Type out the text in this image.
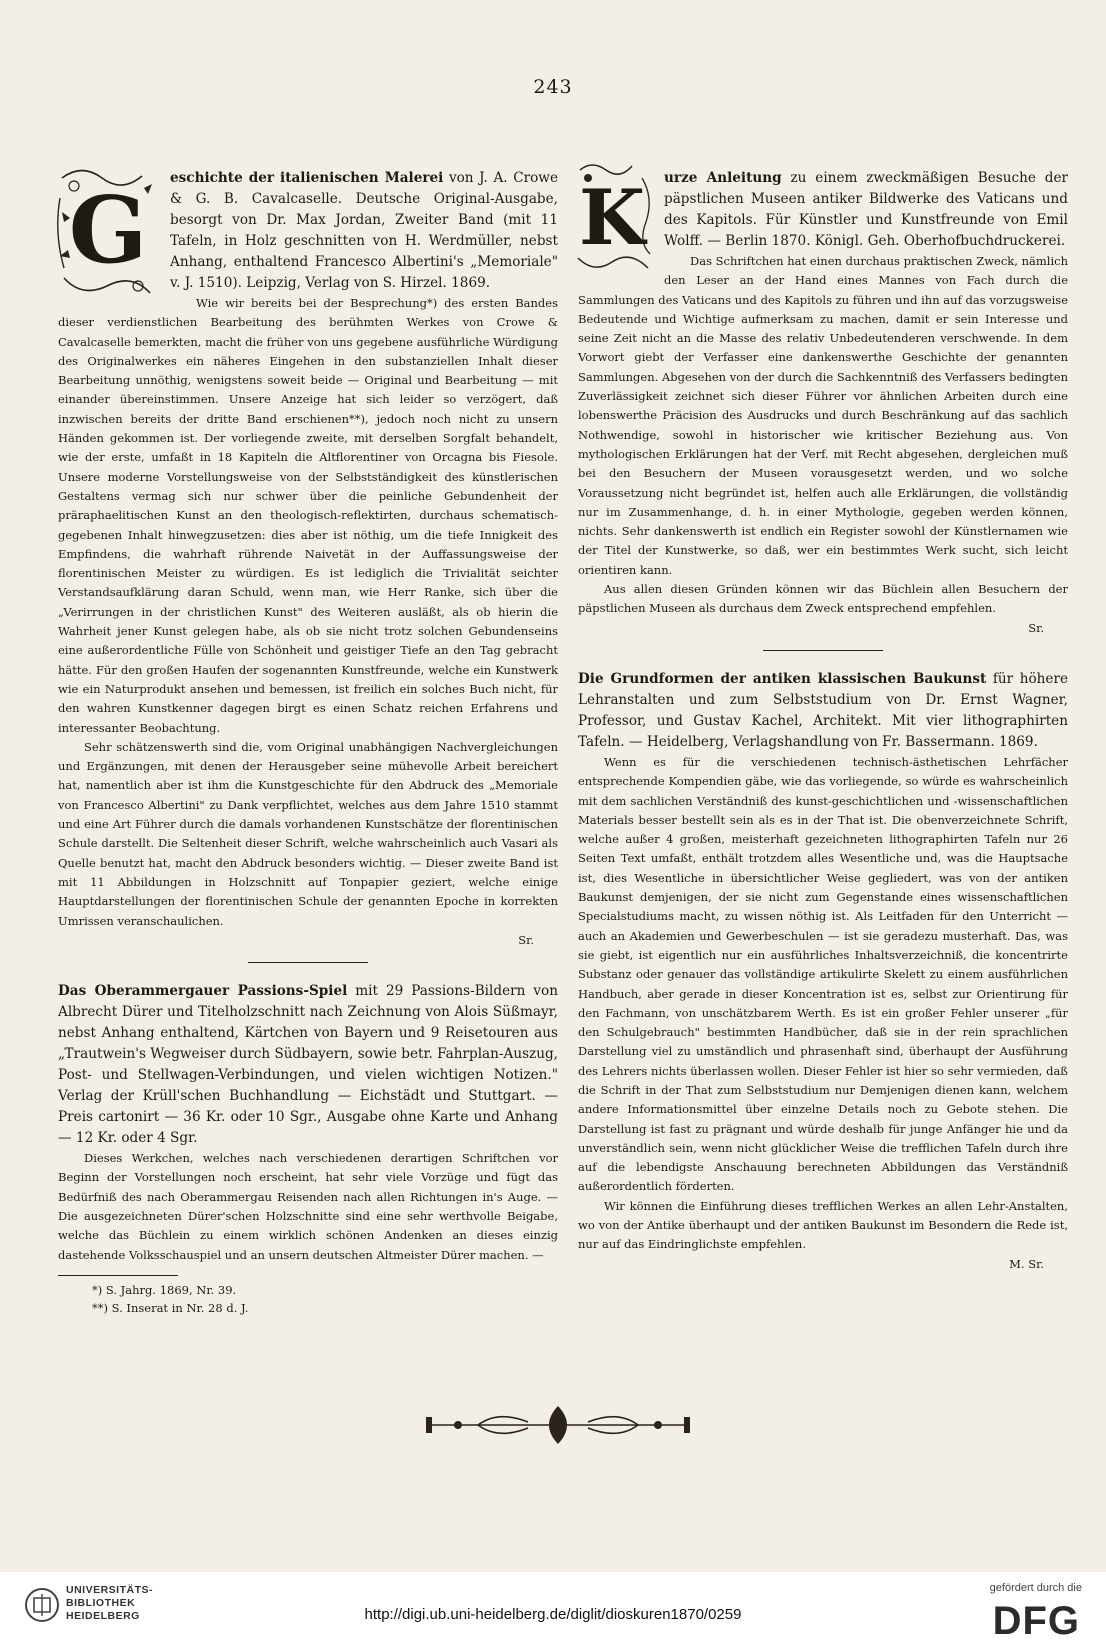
243
G	eschichte der italienischen Malerei von J. A. Crowe & G. B. Cavalcaselle. Deutsche Original-Ausgabe, besorgt von Dr. Max Jordan, Zweiter Band (mit 11 Tafeln, in Holz geschnitten von H. Werdmüller, nebst Anhang, enthaltend Francesco Albertini's „Memoriale" v. J. 1510). Leipzig, Verlag von S. Hirzel. 1869.

Wie wir bereits bei der Besprechung*) des ersten Bandes dieser verdienstlichen Bearbeitung des berühmten Werkes von Crowe & Cavalcaselle bemerkten, macht die früher von uns gegebene ausführliche Würdigung des Originalwerkes ein näheres Eingehen in den substanziellen Inhalt dieser Bearbeitung unnöthig, wenigstens soweit beide — Original und Bearbeitung — mit einander übereinstimmen. Unsere Anzeige hat sich leider so verzögert, daß inzwischen bereits der dritte Band erschienen**), jedoch noch nicht zu unsern Händen gekommen ist. Der vorliegende zweite, mit derselben Sorgfalt behandelt, wie der erste, umfaßt in 18 Kapiteln die Altflorentiner von Orcagna bis Fiesole. Unsere moderne Vorstellungsweise von der Selbstständigkeit des künstlerischen Gestaltens vermag sich nur schwer über die peinliche Gebundenheit der präraphaelitischen Kunst an den theologisch-reflektirten, durchaus schematisch-gegebenen Inhalt hinwegzusetzen: dies aber ist nöthig, um die tiefe Innigkeit des Empfindens, die wahrhaft rührende Naivetät in der Auffassungsweise der florentinischen Meister zu würdigen. Es ist lediglich die Trivialität seichter Verstandsaufklärung daran Schuld, wenn man, wie Herr Ranke, sich über die „Verirrungen in der christlichen Kunst" des Weiteren ausläßt, als ob hierin die Wahrheit jener Kunst gelegen habe, als ob sie nicht trotz solchen Gebundenseins eine außerordentliche Fülle von Schönheit und geistiger Tiefe an den Tag gebracht hätte. Für den großen Haufen der sogenannten Kunstfreunde, welche ein Kunstwerk wie ein Naturprodukt ansehen und bemessen, ist freilich ein solches Buch nicht, für den wahren Kunstkenner dagegen birgt es einen Schatz reichen Erfahrens und interessanter Beobachtung.

Sehr schätzenswerth sind die, vom Original unabhängigen Nachvergleichungen und Ergänzungen, mit denen der Herausgeber seine mühevolle Arbeit bereichert hat, namentlich aber ist ihm die Kunstgeschichte für den Abdruck des „Memoriale von Francesco Albertini" zu Dank verpflichtet, welches aus dem Jahre 1510 stammt und eine Art Führer durch die damals vorhandenen Kunstschätze der florentinischen Schule darstellt. Die Seltenheit dieser Schrift, welche wahrscheinlich auch Vasari als Quelle benutzt hat, macht den Abdruck besonders wichtig. — Dieser zweite Band ist mit 11 Abbildungen in Holzschnitt auf Tonpapier geziert, welche einige Hauptdarstellungen der florentinischen Schule der genannten Epoche in korrekten Umrissen veranschaulichen.

Sr.

Das Oberammergauer Passions-Spiel mit 29 Passions-Bildern von Albrecht Dürer und Titelholzschnitt nach Zeichnung von Alois Süßmayr, nebst Anhang enthaltend, Kärtchen von Bayern und 9 Reisetouren aus „Trautwein's Wegweiser durch Südbayern, sowie betr. Fahrplan-Auszug, Post- und Stellwagen-Verbindungen, und vielen wichtigen Notizen." Verlag der Krüll'schen Buchhandlung — Eichstädt und Stuttgart. — Preis cartonirt — 36 Kr. oder 10 Sgr., Ausgabe ohne Karte und Anhang — 12 Kr. oder 4 Sgr.

Dieses Werkchen, welches nach verschiedenen derartigen Schriftchen vor Beginn der Vorstellungen noch erscheint, hat sehr viele Vorzüge und fügt das Bedürfniß des nach Oberammergau Reisenden nach allen Richtungen in's Auge. — Die ausgezeichneten Dürer'schen Holzschnitte sind eine sehr werthvolle Beigabe, welche das Büchlein zu einem wirklich schönen Andenken an dieses einzig dastehende Volksschauspiel und an unsern deutschen Altmeister Dürer machen. —

*) S. Jahrg. 1869, Nr. 39.

**) S. Inserat in Nr. 28 d. J.

K	urze Anleitung zu einem zweckmäßigen Besuche der päpstlichen Museen antiker Bildwerke des Vaticans und des Kapitols. Für Künstler und Kunstfreunde von Emil Wolff. — Berlin 1870. Königl. Geh. Oberhofbuchdruckerei.

Das Schriftchen hat einen durchaus praktischen Zweck, nämlich den Leser an der Hand eines Mannes von Fach durch die Sammlungen des Vaticans und des Kapitols zu führen und ihn auf das vorzugsweise Bedeutende und Wichtige aufmerksam zu machen, damit er sein Interesse und seine Zeit nicht an die Masse des relativ Unbedeutenderen verschwende. In dem Vorwort giebt der Verfasser eine dankenswerthe Geschichte der genannten Sammlungen. Abgesehen von der durch die Sachkenntniß des Verfassers bedingten Zuverlässigkeit zeichnet sich dieser Führer vor ähnlichen Arbeiten durch eine lobenswerthe Präcision des Ausdrucks und durch Beschränkung auf das sachlich Nothwendige, sowohl in historischer wie kritischer Beziehung aus. Von mythologischen Erklärungen hat der Verf. mit Recht abgesehen, dergleichen muß bei den Besuchern der Museen vorausgesetzt werden, und wo solche Voraussetzung nicht begründet ist, helfen auch alle Erklärungen, die vollständig nur im Zusammenhange, d. h. in einer Mythologie, gegeben werden können, nichts. Sehr dankenswerth ist endlich ein Register sowohl der Künstlernamen wie der Titel der Kunstwerke, so daß, wer ein bestimmtes Werk sucht, sich leicht orientiren kann.

Aus allen diesen Gründen können wir das Büchlein allen Besuchern der päpstlichen Museen als durchaus dem Zweck entsprechend empfehlen.

Sr.

Die Grundformen der antiken klassischen Baukunst für höhere Lehranstalten und zum Selbststudium von Dr. Ernst Wagner, Professor, und Gustav Kachel, Architekt. Mit vier lithographirten Tafeln. — Heidelberg, Verlagshandlung von Fr. Bassermann. 1869.

Wenn es für die verschiedenen technisch-ästhetischen Lehrfächer entsprechende Kompendien gäbe, wie das vorliegende, so würde es wahrscheinlich mit dem sachlichen Verständniß des kunst-geschichtlichen und -wissenschaftlichen Materials besser bestellt sein als es in der That ist. Die obenverzeichnete Schrift, welche außer 4 großen, meisterhaft gezeichneten lithographirten Tafeln nur 26 Seiten Text umfaßt, enthält trotzdem alles Wesentliche und, was die Hauptsache ist, dies Wesentliche in übersichtlicher Weise gegliedert, was von der antiken Baukunst demjenigen, der sie nicht zum Gegenstande eines wissenschaftlichen Specialstudiums macht, zu wissen nöthig ist. Als Leitfaden für den Unterricht — auch an Akademien und Gewerbeschulen — ist sie geradezu musterhaft. Das, was sie giebt, ist eigentlich nur ein ausführliches Inhaltsverzeichniß, die koncentrirte Substanz oder genauer das vollständige artikulirte Skelett zu einem ausführlichen Handbuch, aber gerade in dieser Koncentration ist es, selbst zur Orientirung für den Fachmann, von unschätzbarem Werth. Es ist ein großer Fehler unserer „für den Schulgebrauch" bestimmten Handbücher, daß sie in der rein sprachlichen Darstellung viel zu umständlich und phrasenhaft sind, überhaupt der Ausführung des Lehrers nichts überlassen wollen. Dieser Fehler ist hier so sehr vermieden, daß die Schrift in der That zum Selbststudium nur Demjenigen dienen kann, welchem andere Informationsmittel über einzelne Details noch zu Gebote stehen. Die Darstellung ist fast zu prägnant und würde deshalb für junge Anfänger hie und da unverständlich sein, wenn nicht glücklicher Weise die trefflichen Tafeln durch ihre auf die lebendigste Anschauung berechneten Abbildungen das Verständniß außerordentlich förderten.

Wir können die Einführung dieses trefflichen Werkes an allen Lehr-Anstalten, wo von der Antike überhaupt und der antiken Baukunst im Besondern die Rede ist, nur auf das Eindringlichste empfehlen.

M. Sr.
UNIVERSITÄTS-
BIBLIOTHEK
HEIDELBERG	http://digi.ub.uni-heidelberg.de/diglit/dioskuren1870/0259
gefördert durch die
DFG
